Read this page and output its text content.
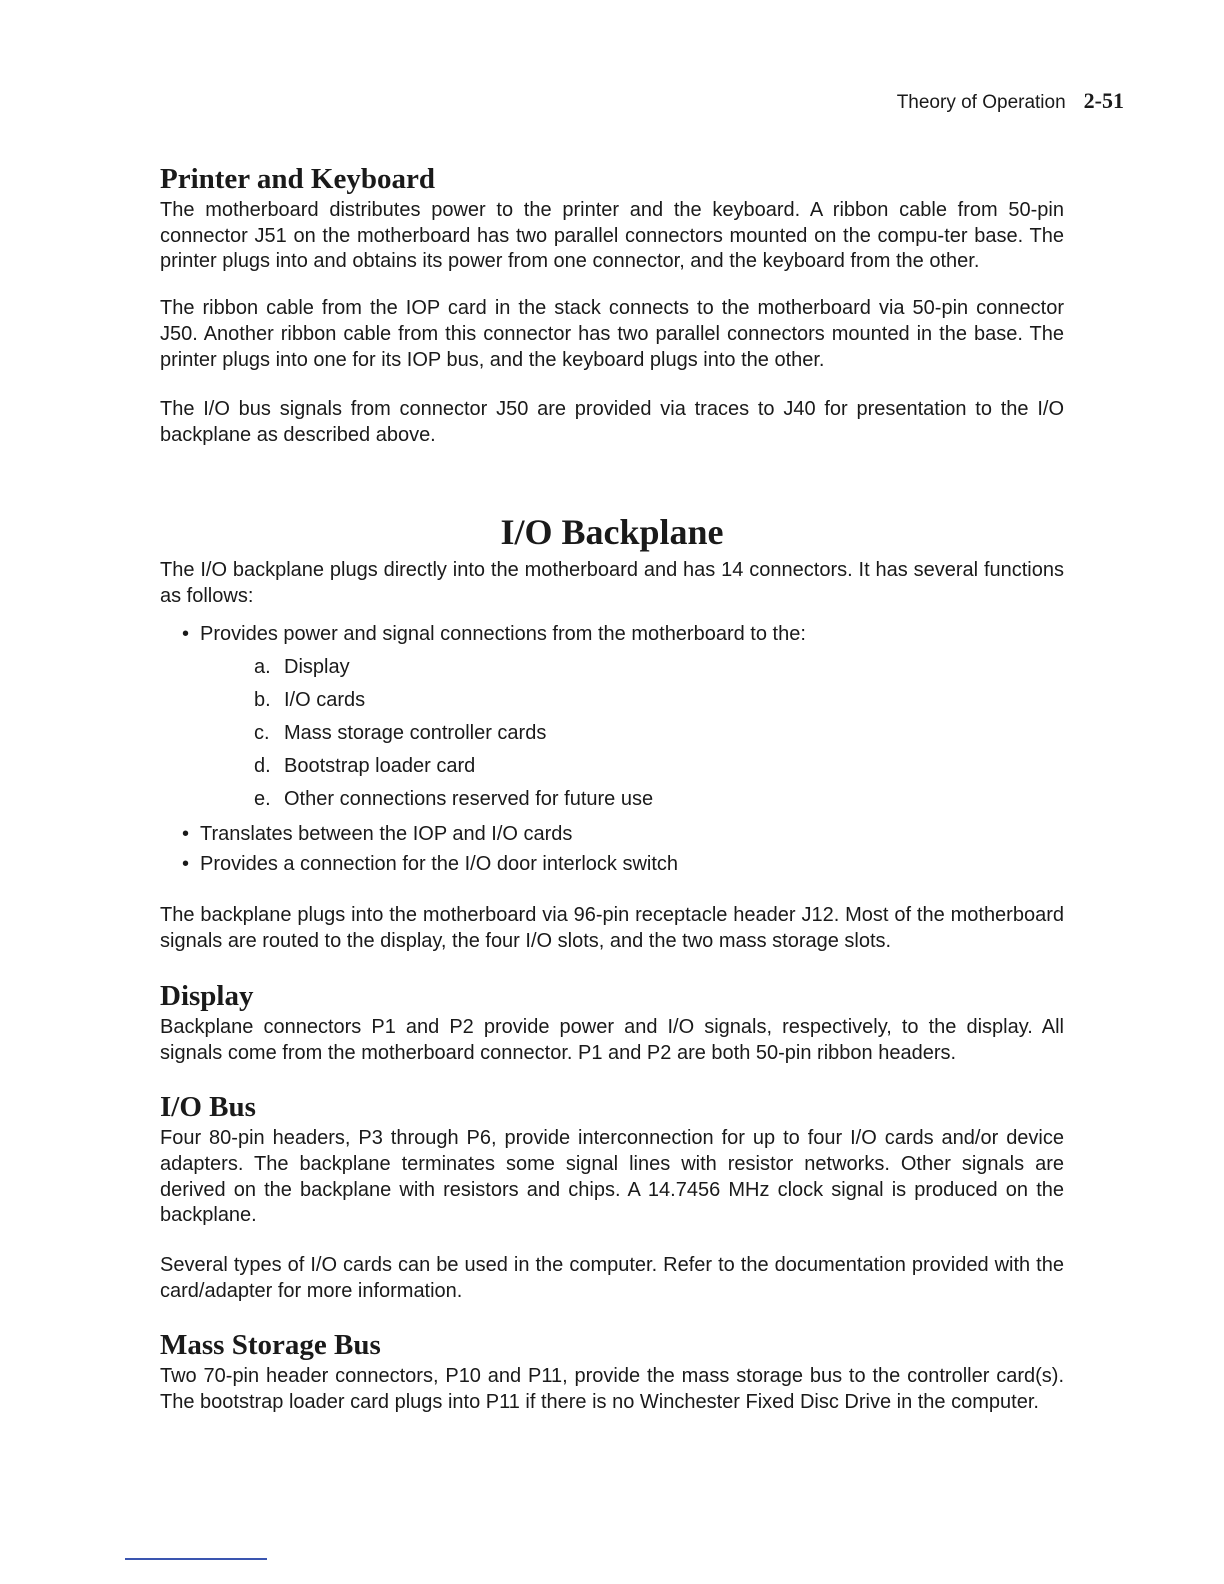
Theory of Operation 2-51
Printer and Keyboard

The motherboard distributes power to the printer and the keyboard. A ribbon cable from 50-pin connector J51 on the motherboard has two parallel connectors mounted on the compu-ter base. The printer plugs into and obtains its power from one connector, and the keyboard from the other.

The ribbon cable from the IOP card in the stack connects to the motherboard via 50-pin connector J50. Another ribbon cable from this connector has two parallel connectors mounted in the base. The printer plugs into one for its IOP bus, and the keyboard plugs into the other.

The I/O bus signals from connector J50 are provided via traces to J40 for presentation to the I/O backplane as described above.

I/O Backplane

The I/O backplane plugs directly into the motherboard and has 14 connectors. It has several functions as follows:

• Provides power and signal connections from the motherboard to the:
a. Display
b. I/O cards
c. Mass storage controller cards
d. Bootstrap loader card
e. Other connections reserved for future use
• Translates between the IOP and I/O cards
• Provides a connection for the I/O door interlock switch

The backplane plugs into the motherboard via 96-pin receptacle header J12. Most of the motherboard signals are routed to the display, the four I/O slots, and the two mass storage slots.

Display

Backplane connectors P1 and P2 provide power and I/O signals, respectively, to the display. All signals come from the motherboard connector. P1 and P2 are both 50-pin ribbon headers.

I/O Bus

Four 80-pin headers, P3 through P6, provide interconnection for up to four I/O cards and/or device adapters. The backplane terminates some signal lines with resistor networks. Other signals are derived on the backplane with resistors and chips. A 14.7456 MHz clock signal is produced on the backplane.

Several types of I/O cards can be used in the computer. Refer to the documentation provided with the card/adapter for more information.

Mass Storage Bus

Two 70-pin header connectors, P10 and P11, provide the mass storage bus to the controller card(s). The bootstrap loader card plugs into P11 if there is no Winchester Fixed Disc Drive in the computer.
